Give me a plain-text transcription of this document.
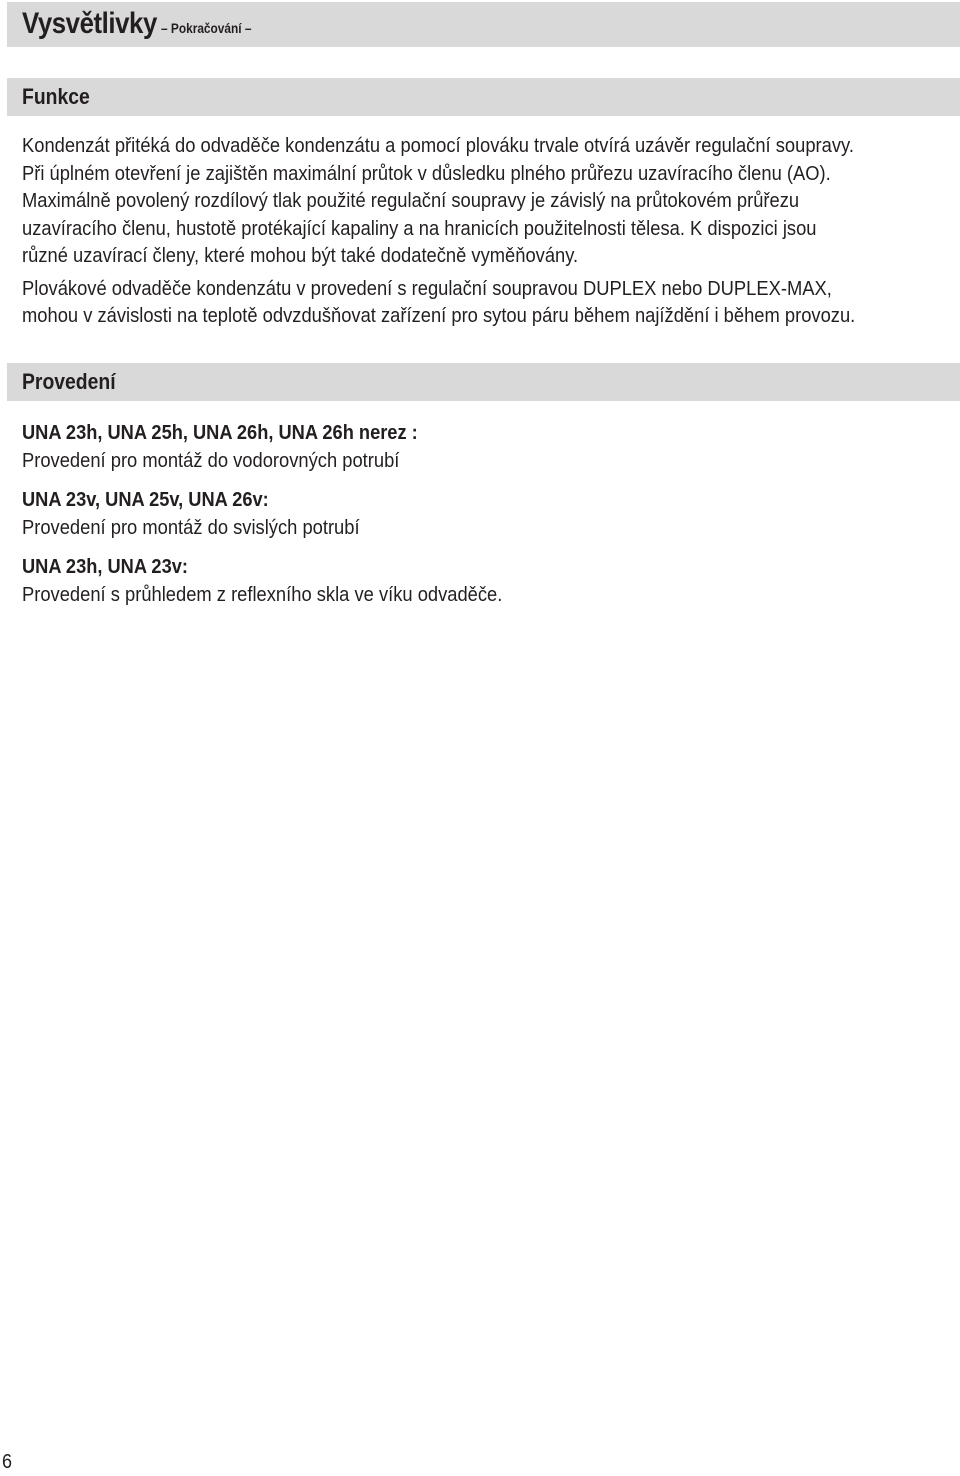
Vysvětlivky – Pokračování –
Funkce
Kondenzát přitéká do odvaděče kondenzátu a pomocí plováku trvale otvírá uzávěr regulační soupravy.
Při úplném otevření je zajištěn maximální průtok v důsledku plného průřezu uzavíracího členu (AO).
Maximálně povolený rozdílový tlak použité regulační soupravy je závislý na průtokovém průřezu
uzavíracího členu, hustotě protékající kapaliny a na hranicích použitelnosti tělesa. K dispozici jsou
různé uzavírací členy, které mohou být také dodatečně vyměňovány.
Plovákové odvaděče kondenzátu v provedení s regulační soupravou DUPLEX nebo DUPLEX-MAX,
mohou v závislosti na teplotě odvzdušňovat zařízení pro sytou páru během najíždění i během provozu.
Provedení
UNA 23h, UNA 25h, UNA 26h, UNA 26h nerez :
Provedení pro montáž do vodorovných potrubí
UNA 23v, UNA 25v, UNA 26v:
Provedení pro montáž do svislých potrubí
UNA 23h, UNA 23v:
Provedení s průhledem z reflexního skla ve víku odvaděče.
6
